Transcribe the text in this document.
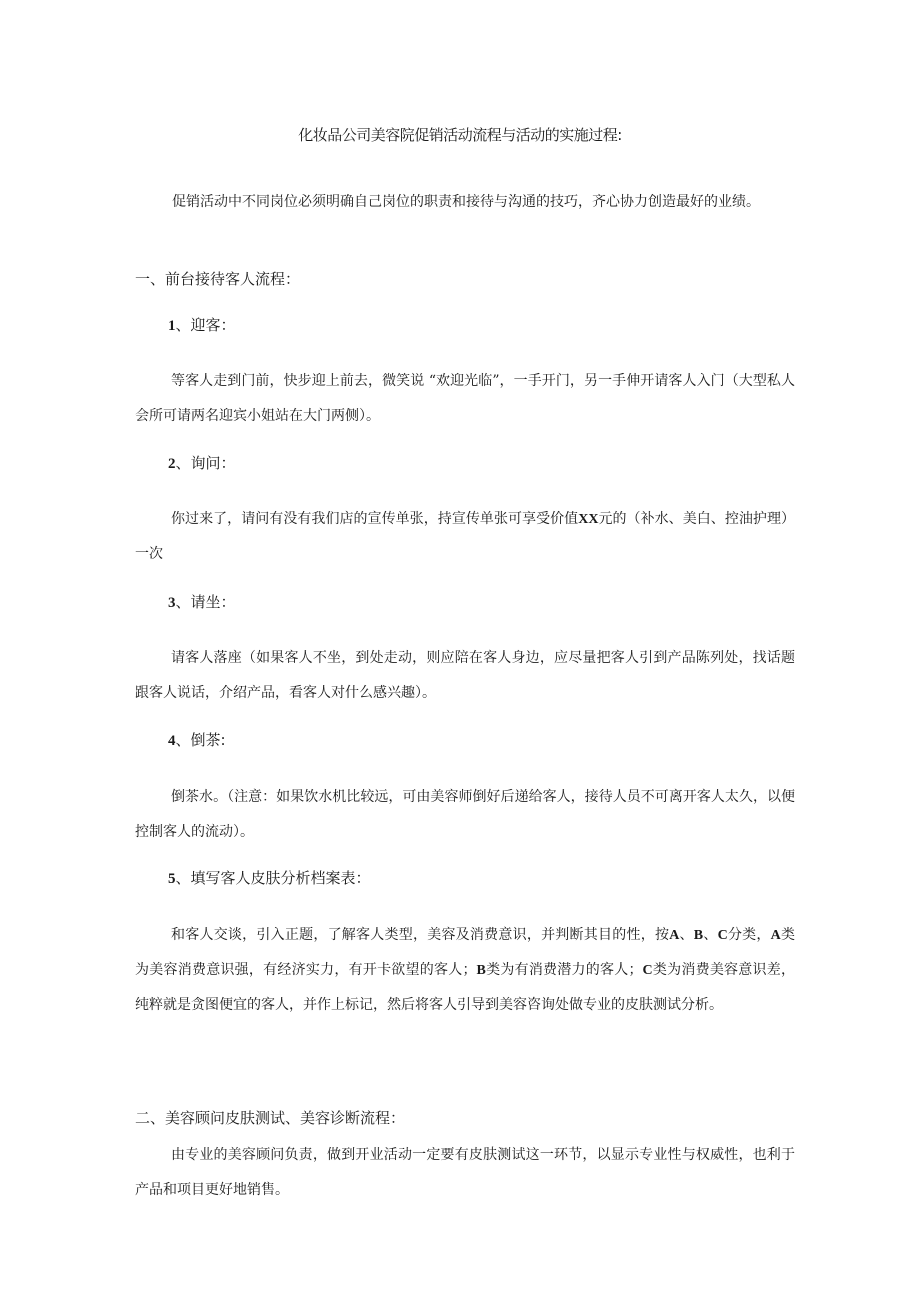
化妆品公司美容院促销活动流程与活动的实施过程:
促销活动中不同岗位必须明确自己岗位的职责和接待与沟通的技巧，齐心协力创造最好的业绩。
一、前台接待客人流程：
1、迎客：
等客人走到门前，快步迎上前去，微笑说 “欢迎光临”，一手开门，另一手伸开请客人入门（大型私人会所可请两名迎宾小姐站在大门两侧）。
2、询问：
你过来了，请问有没有我们店的宣传单张，持宣传单张可享受价值XX元的（补水、美白、控油护理）一次
3、请坐：
请客人落座（如果客人不坐，到处走动，则应陪在客人身边，应尽量把客人引到产品陈列处，找话题跟客人说话，介绍产品，看客人对什么感兴趣）。
4、倒茶:
倒茶水。（注意：如果饮水机比较远，可由美容师倒好后递给客人，接待人员不可离开客人太久，以便控制客人的流动）。
5、填写客人皮肤分析档案表：
和客人交谈，引入正题，了解客人类型，美容及消费意识，并判断其目的性，按A、B、C分类，A类为美容消费意识强，有经济实力，有开卡欲望的客人；B类为有消费潜力的客人；C类为消费美容意识差，纯粹就是贪图便宜的客人，并作上标记，然后将客人引导到美容咨询处做专业的皮肤测试分析。
二、美容顾问皮肤测试、美容诊断流程：
由专业的美容顾问负责，做到开业活动一定要有皮肤测试这一环节，以显示专业性与权威性，也利于产品和项目更好地销售。
